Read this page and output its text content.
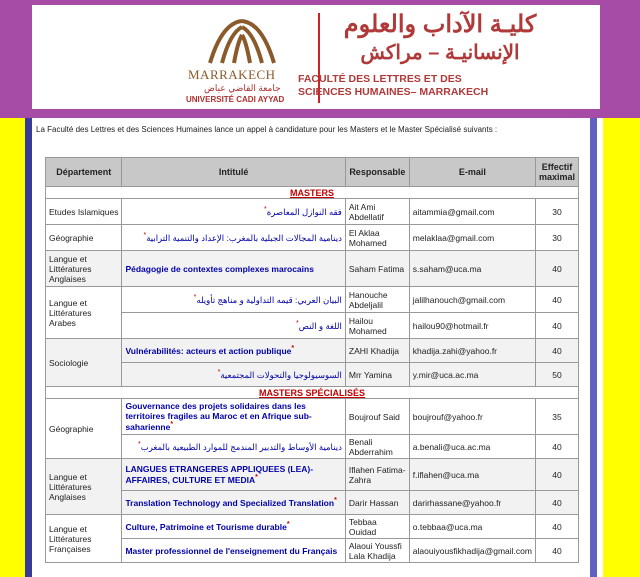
MARRAKECH
جامعة القاضي عياض
UNIVERSITÉ CADI AYYAD
كليـة الآداب والعلوم
الإنسانيـة – مراكش
FACULTÉ DES LETTRES ET DES
SCIENCES HUMAINES– MARRAKECH
La Faculté des Lettres et des Sciences Humaines lance un appel à candidature pour les Masters et le Master Spécialisé suivants :
Département	Intitulé	Responsable	E-mail	Effectif maximal
MASTERS				
Etudes Islamiques	فقه النوازل المعاصرة*	Ait Ami Abdellatif	aitammia@gmail.com	30
Géographie	دينامية المجالات الجبلية بالمغرب: الإعداد والتنمية الترابية*	El Aklaa Mohamed	melaklaa@gmail.com	30
Langue et Littératures Anglaises	Pédagogie de contextes complexes marocains	Saham Fatima	s.saham@uca.ma	40
Langue et Littératures Arabes	البيان العربي: قيمه التداولية و مناهج تأويله*	Hanouche Abdeljalil	jalilhanouch@gmail.com	40
	اللغة و النص*	Hailou Mohamed	hailou90@hotmail.fr	40
Sociologie	Vulnérabilités: acteurs et action publique*	ZAHI Khadija	khadija.zahi@yahoo.fr	40
	السوسيولوجيا والتحولات المجتمعية*	Mrr Yamina	y.mir@uca.ac.ma	50
MASTERS SPÉCIALISÉS				
Géographie	Gouvernance des projets solidaires dans les territoires fragiles au Maroc et en Afrique sub-saharienne*	Boujrouf Said	boujrouf@yahoo.fr	35
	دينامية الأوساط والتدبير المندمج للموارد الطبيعية بالمغرب*	Benali Abderrahim	a.benali@uca.ac.ma	40
Langue et Littératures Anglaises	LANGUES ETRANGERES APPLIQUEES (LEA)- AFFAIRES, CULTURE ET MEDIA*	Iflahen Fatima-Zahra	f.iflahen@uca.ma	40
	Translation Technology and Specialized Translation*	Darir Hassan	darirhassane@yahoo.fr	40
Langue et Littératures Françaises	Culture, Patrimoine et Tourisme durable*	Tebbaa Ouidad	o.tebbaa@uca.ma	40
	Master professionnel de l'enseignement du Français	Alaoui Youssfi Lala Khadija	alaouiyousfikhadija@gmail.com	40
